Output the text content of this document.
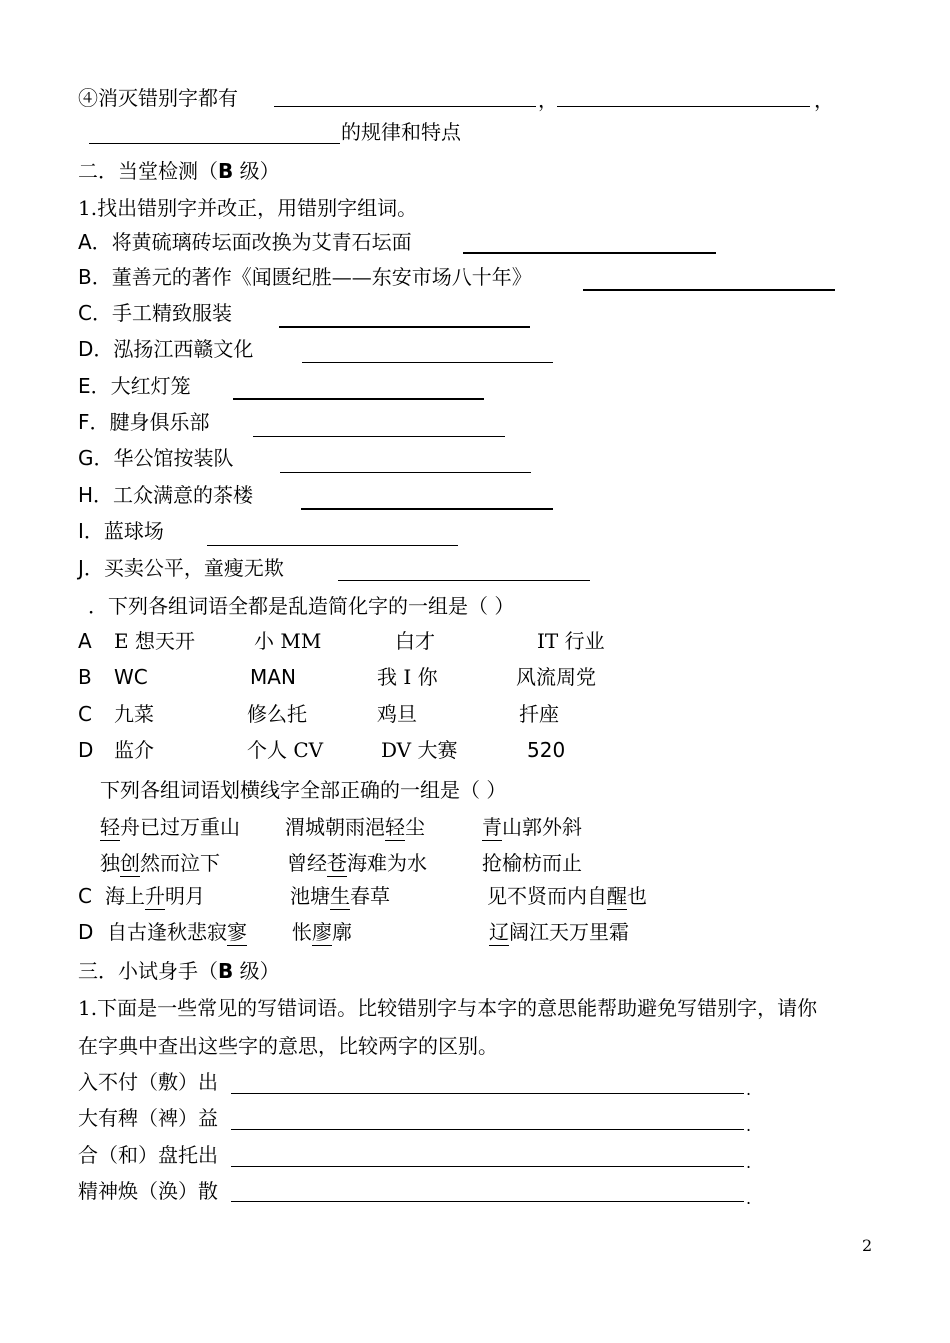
④消灭错别字都有	，	，
的规律和特点
二．当堂检测（B 级）
1.找出错别字并改正，用错别字组词。
A．将黄硫璃砖坛面改换为艾青石坛面
B．董善元的著作《闻匮纪胜——东安市场八十年》
C．手工精致服装
D．泓扬江西赣文化
E．大红灯笼
F．腱身俱乐部
G．华公馆按装队
H．工众满意的茶楼
I．蓝球场
J．买卖公平，童瘦无欺
．下列各组词语全都是乱造简化字的一组是（ ）
A E 想天开	小 MM	白才	IT 行业
B WC	MAN	我 I 你	风流周党
C 九菜	修么托	鸡旦	扦座
D 监介	个人 CV	DV 大赛	520
下列各组词语划横线字全部正确的一组是（ ）
轻舟已过万重山 渭城朝雨浥轻尘	青山郭外斜
独创然而泣下	曾经苍海难为水	抢榆枋而止
C 海上升明月	池塘生春草	见不贤而内自醒也
D 自古逢秋悲寂寥 怅廖廓	辽阔江天万里霜
三．小试身手（B 级）
1.下面是一些常见的写错词语。比较错别字与本字的意思能帮助避免写错别字，请你
在字典中查出这些字的意思，比较两字的区别。
入不付（敷）出	.
大有稗（裨）益	.
合（和）盘托出	.
精神焕（涣）散	.
2
